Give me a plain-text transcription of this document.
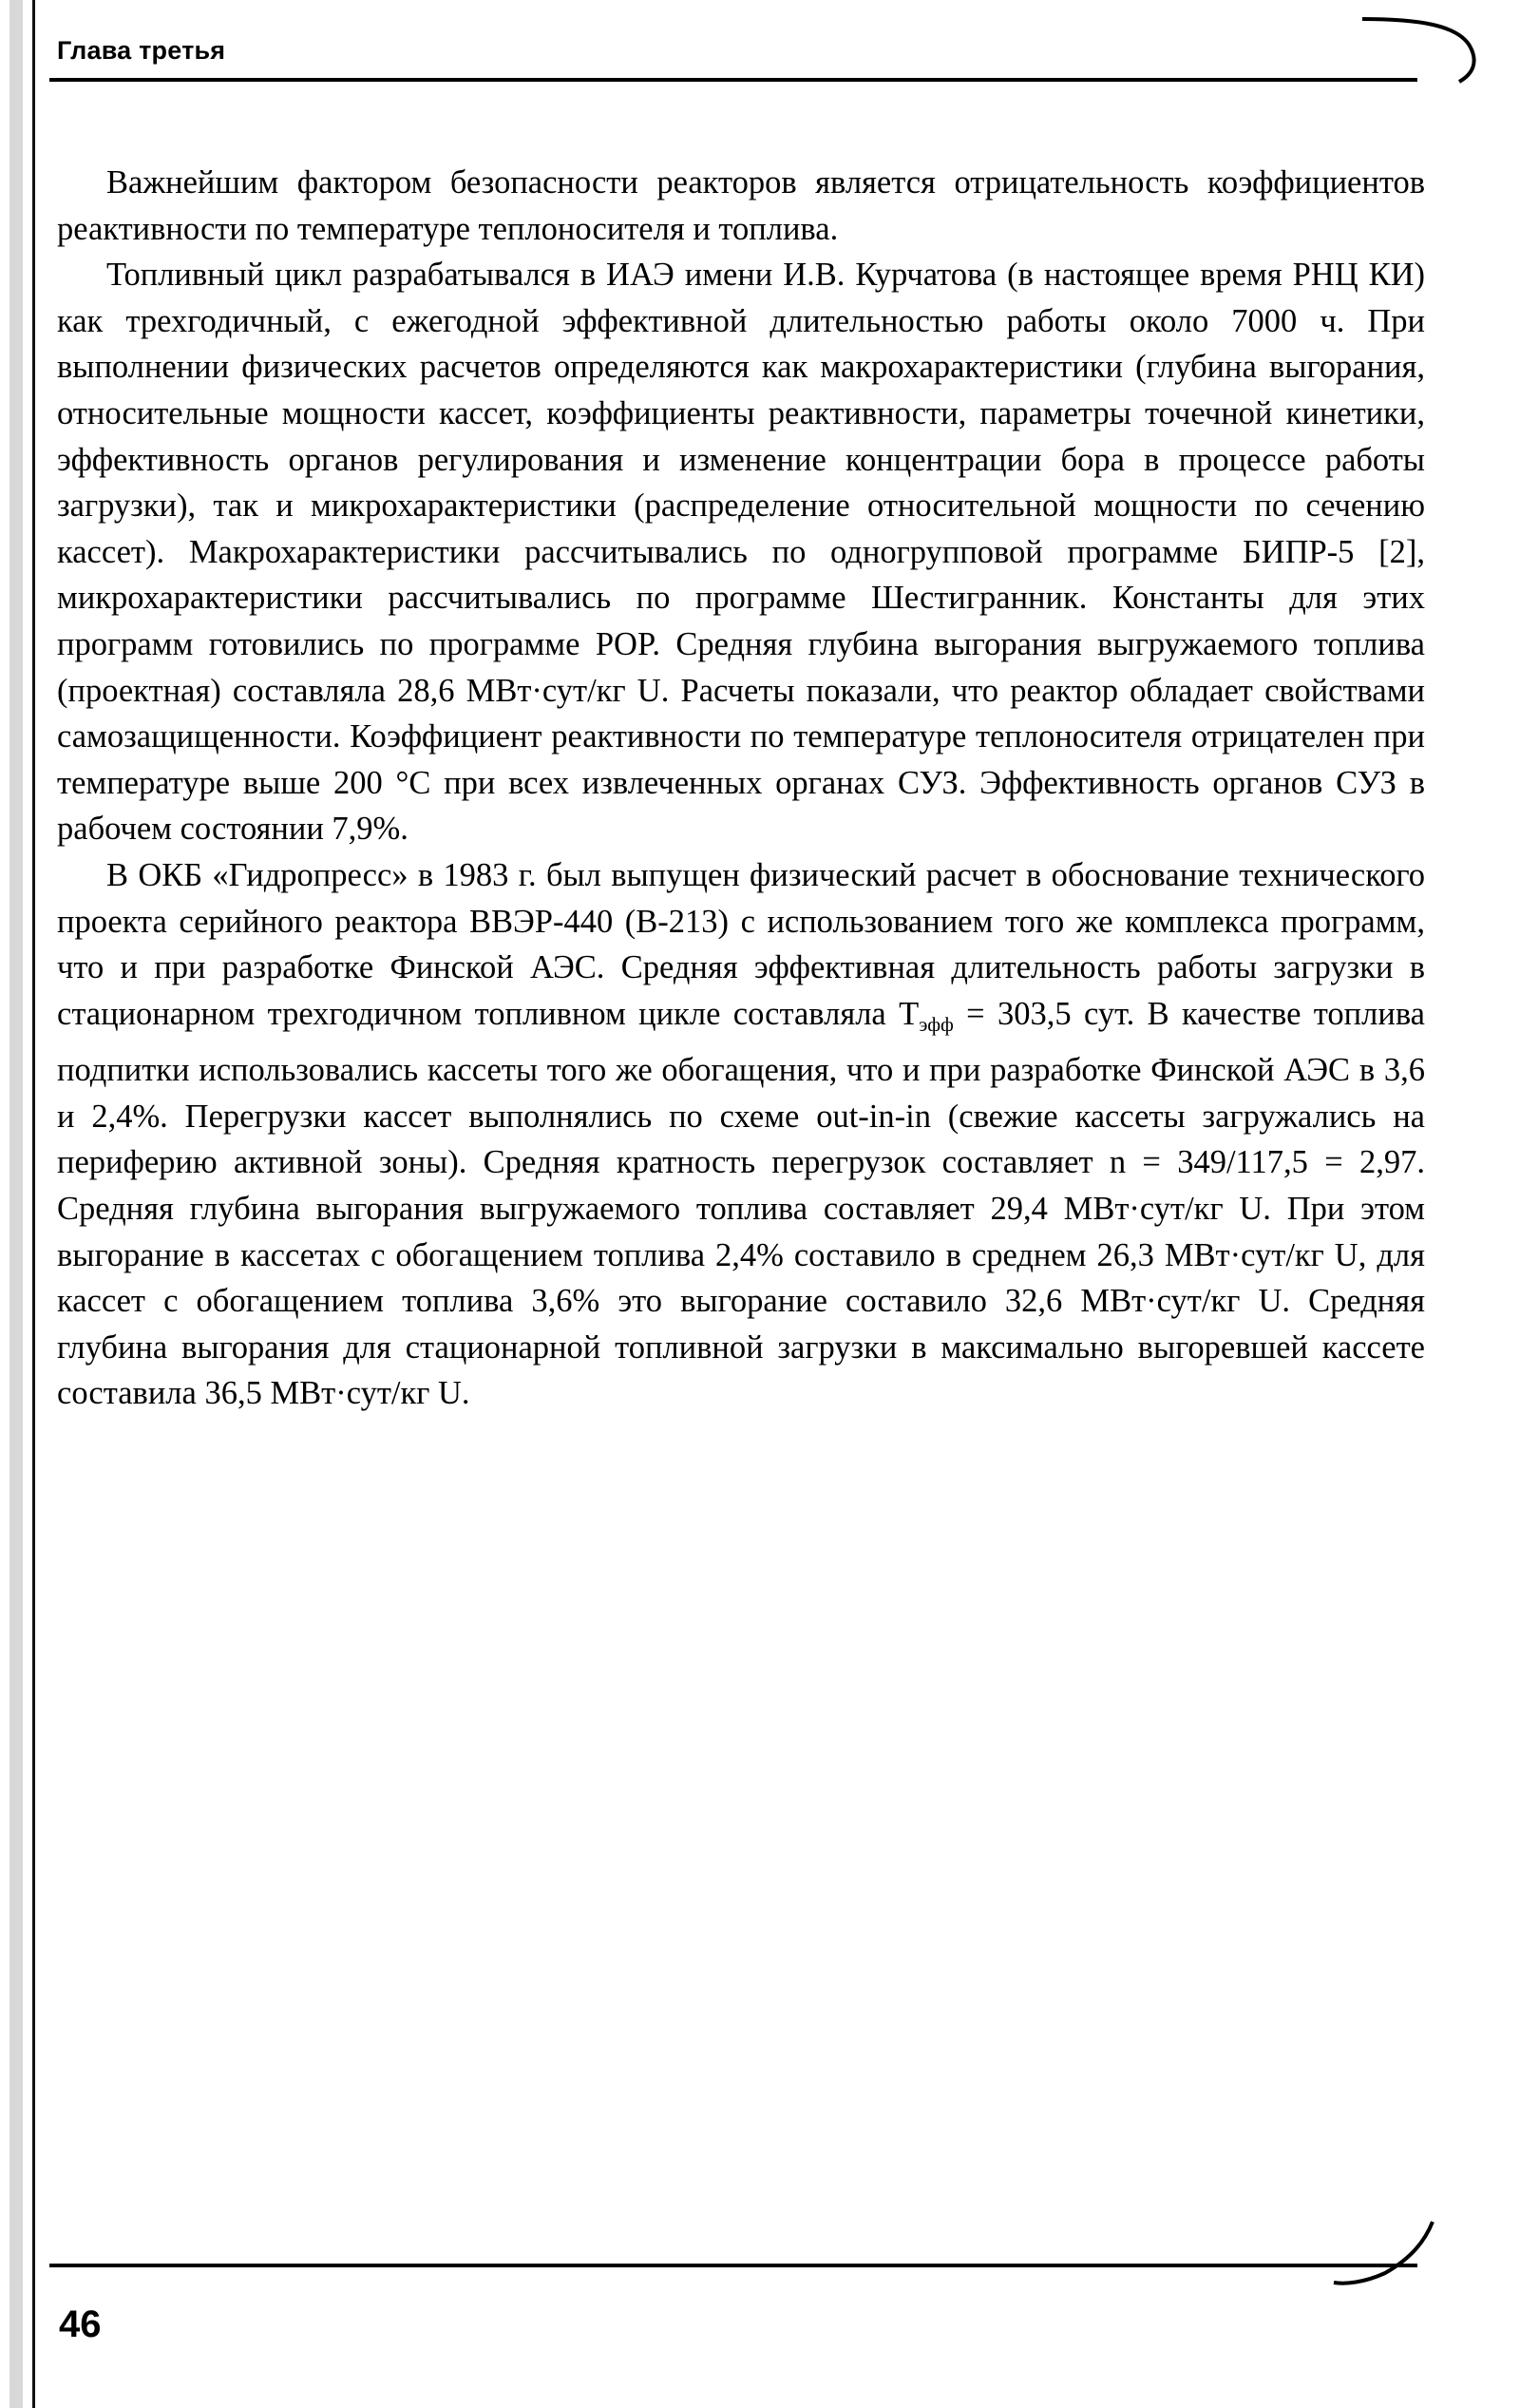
Глава третья

Важнейшим фактором безопасности реакторов является отрицательность коэффициентов реактивности по температуре теплоносителя и топлива.

Топливный цикл разрабатывался в ИАЭ имени И.В. Курчатова (в настоящее время РНЦ КИ) как трехгодичный, с ежегодной эффективной длительностью работы около 7000 ч. При выполнении физических расчетов определяются как макрохарактеристики (глубина выгорания, относительные мощности кассет, коэффициенты реактивности, параметры точечной кинетики, эффективность органов регулирования и изменение концентрации бора в процессе работы загрузки), так и микрохарактеристики (распределение относительной мощности по сечению кассет). Макрохарактеристики рассчитывались по одногрупповой программе БИПР-5 [2], микрохарактеристики рассчитывались по программе Шестигранник. Константы для этих программ готовились по программе POP. Средняя глубина выгорания выгружаемого топлива (проектная) составляла 28,6 МВт·сут/кг U. Расчеты показали, что реактор обладает свойствами самозащищенности. Коэффициент реактивности по температуре теплоносителя отрицателен при температуре выше 200 °C при всех извлеченных органах СУЗ. Эффективность органов СУЗ в рабочем состоянии 7,9%.

В ОКБ «Гидропресс» в 1983 г. был выпущен физический расчет в обоснование технического проекта серийного реактора ВВЭР-440 (В-213) с использованием того же комплекса программ, что и при разработке Финской АЭС. Средняя эффективная длительность работы загрузки в стационарном трехгодичном топливном цикле составляла $T_{эфф} = 303,5$ сут. В качестве топлива подпитки использовались кассеты того же обогащения, что и при разработке Финской АЭС в 3,6 и 2,4%. Перегрузки кассет выполнялись по схеме out-in-in (свежие кассеты загружались на периферию активной зоны). Средняя кратность перегрузок составляет n = 349/117,5 = 2,97. Средняя глубина выгорания выгружаемого топлива составляет 29,4 МВт·сут/кг U. При этом выгорание в кассетах с обогащением топлива 2,4% составило в среднем 26,3 МВт·сут/кг U, для кассет с обогащением топлива 3,6% это выгорание составило 32,6 МВт·сут/кг U. Средняя глубина выгорания для стационарной топливной загрузки в максимально выгоревшей кассете составила 36,5 МВт·сут/кг U.

46
